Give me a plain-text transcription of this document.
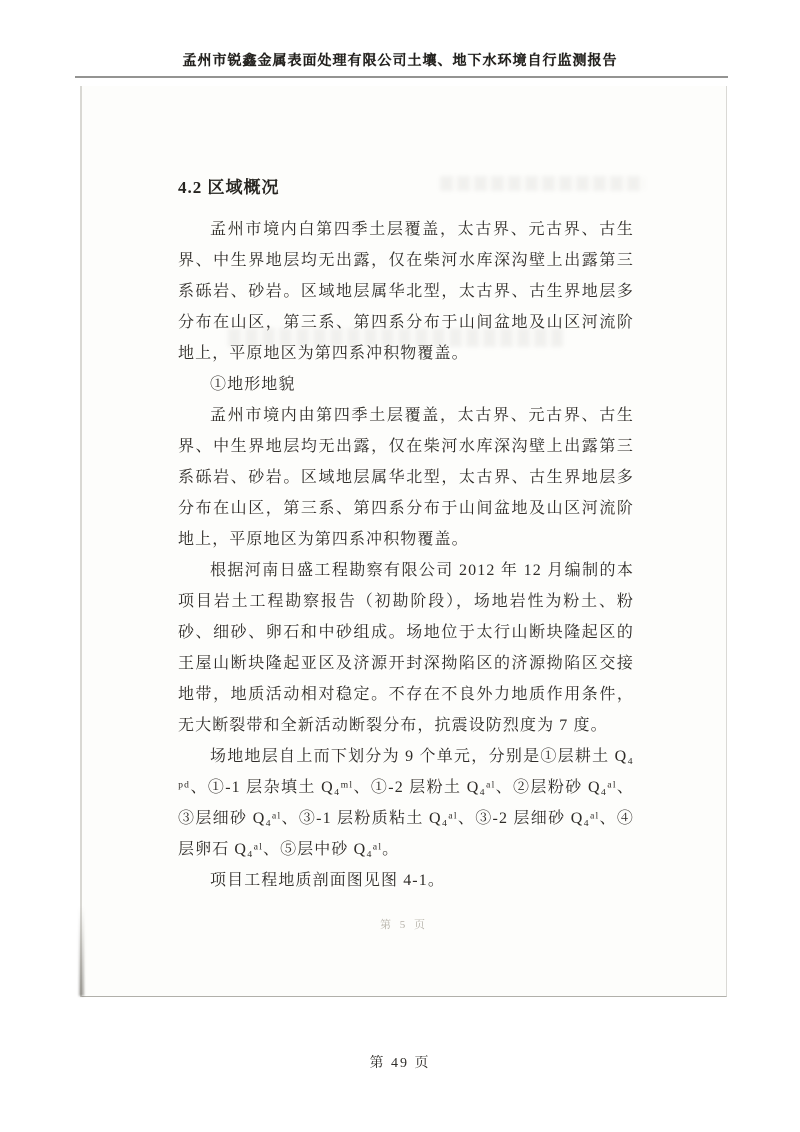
孟州市锐鑫金属表面处理有限公司土壤、地下水环境自行监测报告
4.2 区域概况

孟州市境内白第四季土层覆盖，太古界、元古界、古生界、中生界地层均无出露，仅在柴河水库深沟壁上出露第三系砾岩、砂岩。区域地层属华北型，太古界、古生界地层多分布在山区，第三系、第四系分布于山间盆地及山区河流阶地上，平原地区为第四系冲积物覆盖。

①地形地貌

孟州市境内由第四季土层覆盖，太古界、元古界、古生界、中生界地层均无出露，仅在柴河水库深沟壁上出露第三系砾岩、砂岩。区域地层属华北型，太古界、古生界地层多分布在山区，第三系、第四系分布于山间盆地及山区河流阶地上，平原地区为第四系冲积物覆盖。

根据河南日盛工程勘察有限公司 2012 年 12 月编制的本项目岩土工程勘察报告（初勘阶段），场地岩性为粉土、粉砂、细砂、卵石和中砂组成。场地位于太行山断块隆起区的王屋山断块隆起亚区及济源开封深拗陷区的济源拗陷区交接地带，地质活动相对稳定。不存在不良外力地质作用条件，无大断裂带和全新活动断裂分布，抗震设防烈度为 7 度。

场地地层自上而下划分为 9 个单元，分别是①层耕土 Q₄ᵖᵈ、①-1 层杂填土 Q₄ᵐˡ、①-2 层粉土 Q₄ᵃˡ、②层粉砂 Q₄ᵃˡ、③层细砂 Q₄ᵃˡ、③-1 层粉质粘土 Q₄ᵃˡ、③-2 层细砂 Q₄ᵃˡ、④层卵石 Q₄ᵃˡ、⑤层中砂 Q₄ᵃˡ。

项目工程地质剖面图见图 4-1。

第 5 页
第 49 页
